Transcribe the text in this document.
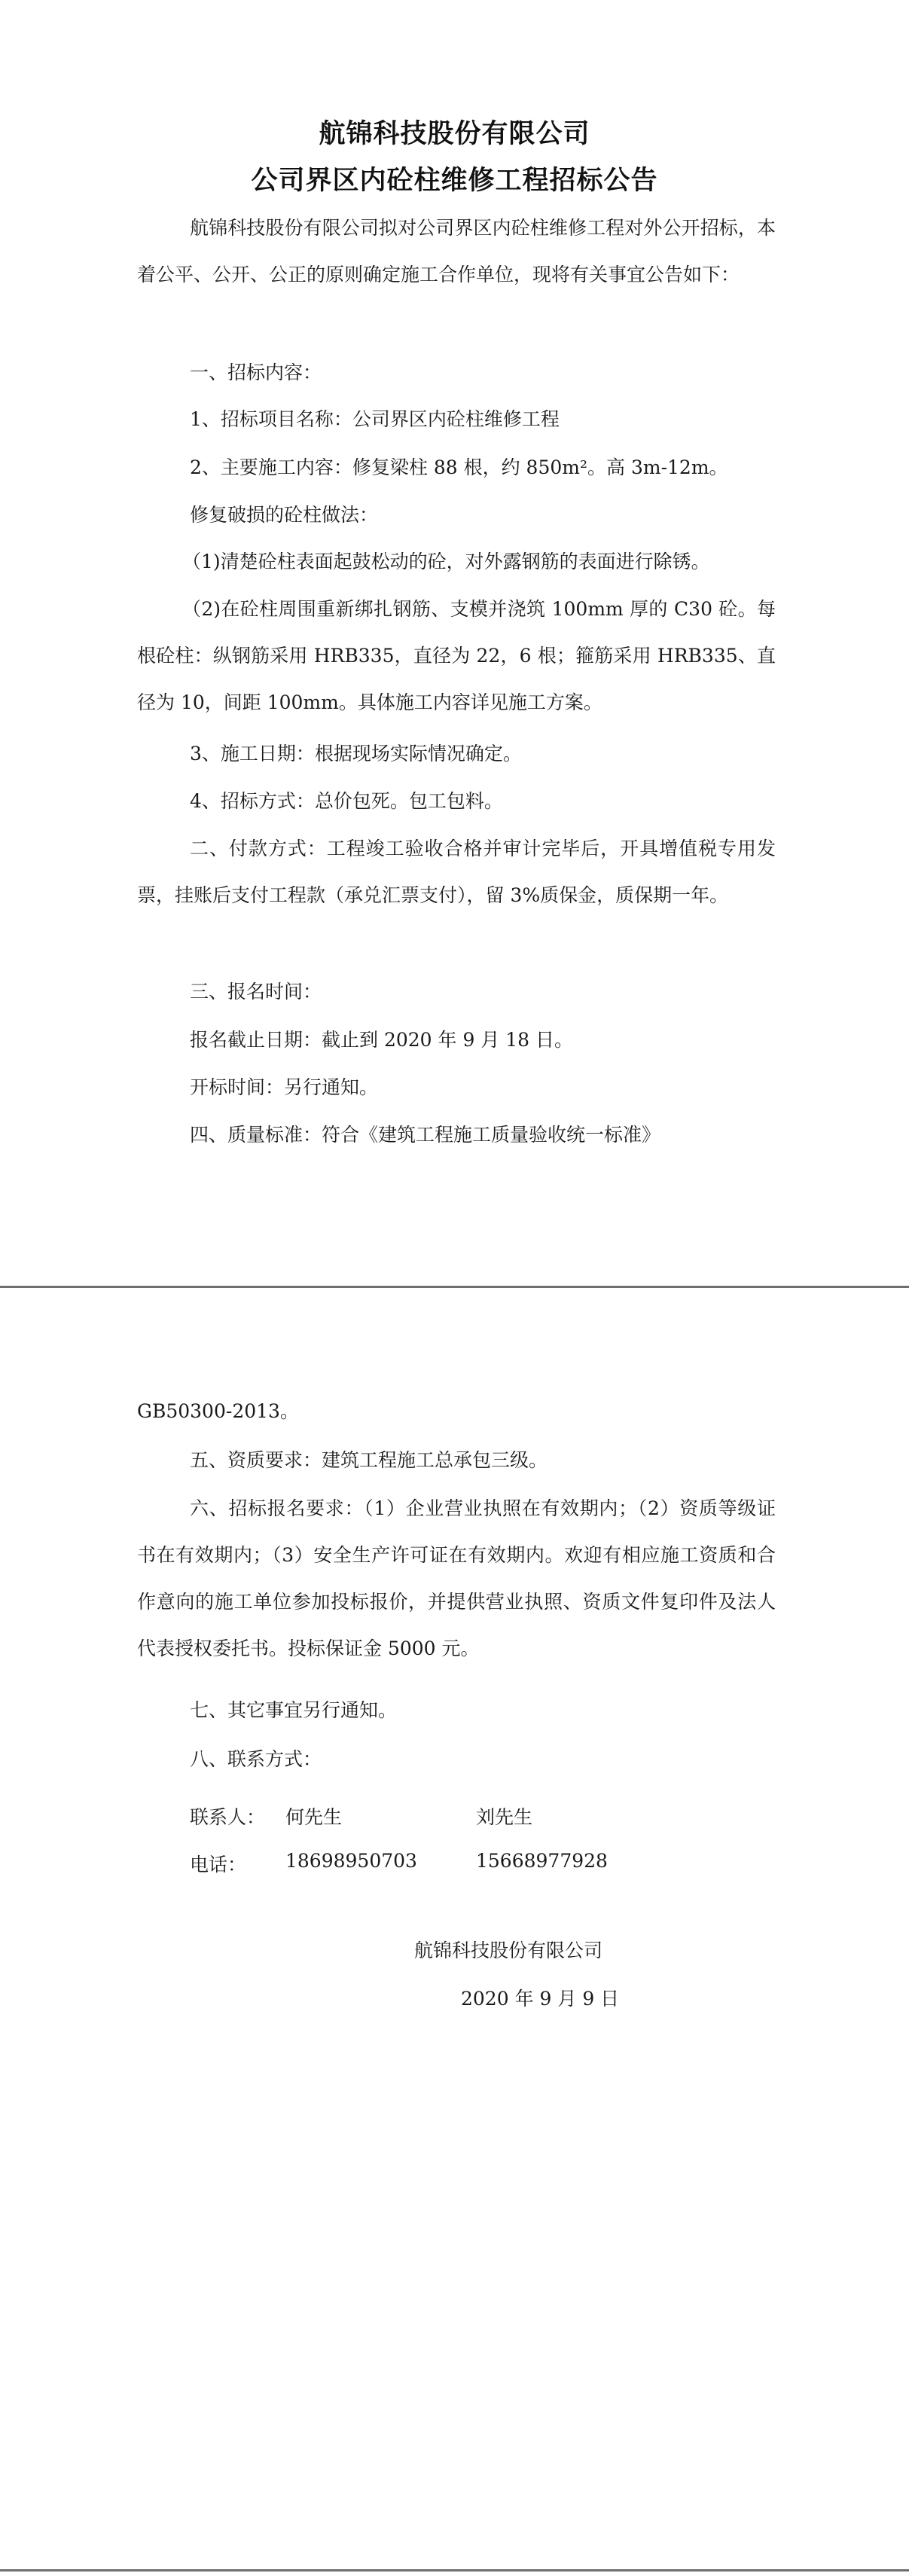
航锦科技股份有限公司
公司界区内砼柱维修工程招标公告
航锦科技股份有限公司拟对公司界区内砼柱维修工程对外公开招标，本着公平、公开、公正的原则确定施工合作单位，现将有关事宜公告如下：
一、招标内容：
1、招标项目名称：公司界区内砼柱维修工程
2、主要施工内容：修复梁柱 88 根，约 850m²。高 3m-12m。
修复破损的砼柱做法：
（1)清楚砼柱表面起鼓松动的砼，对外露钢筋的表面进行除锈。
（2)在砼柱周围重新绑扎钢筋、支模并浇筑 100mm 厚的 C30 砼。每根砼柱：纵钢筋采用 HRB335，直径为 22，6 根；箍筋采用 HRB335、直径为 10，间距 100mm。具体施工内容详见施工方案。
3、施工日期：根据现场实际情况确定。
4、招标方式：总价包死。包工包料。
二、付款方式：工程竣工验收合格并审计完毕后，开具增值税专用发票，挂账后支付工程款（承兑汇票支付），留 3%质保金，质保期一年。
三、报名时间：
报名截止日期：截止到 2020 年 9 月 18 日。
开标时间：另行通知。
四、质量标准：符合《建筑工程施工质量验收统一标准》
GB50300-2013。
五、资质要求：建筑工程施工总承包三级。
六、招标报名要求：（1）企业营业执照在有效期内；（2）资质等级证书在有效期内；（3）安全生产许可证在有效期内。欢迎有相应施工资质和合作意向的施工单位参加投标报价，并提供营业执照、资质文件复印件及法人代表授权委托书。投标保证金 5000 元。
七、其它事宜另行通知。
八、联系方式：
联系人： 何先生	刘先生
电话： 18698950703	15668977928
航锦科技股份有限公司
2020 年 9 月 9 日
